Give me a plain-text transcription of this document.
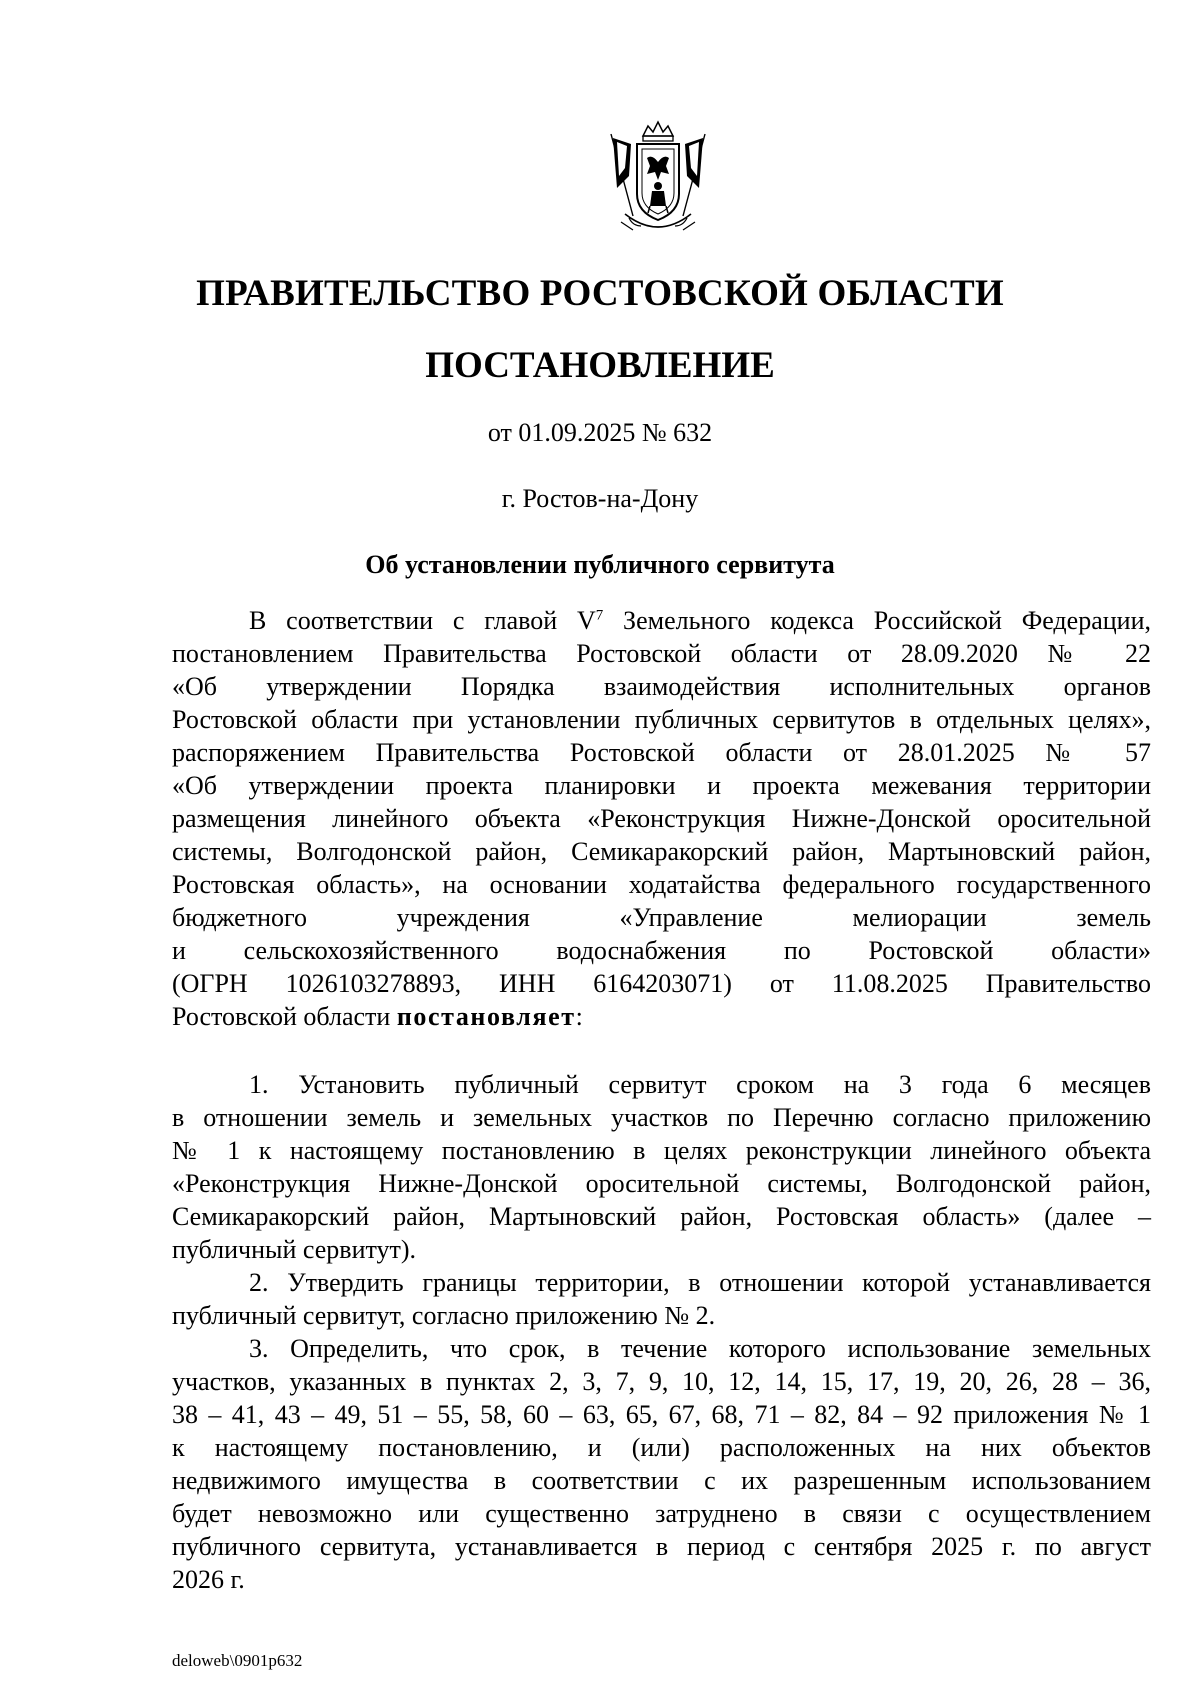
ПРАВИТЕЛЬСТВО РОСТОВСКОЙ ОБЛАСТИ
ПОСТАНОВЛЕНИЕ
от 01.09.2025 № 632
г. Ростов-на-Дону
Об установлении публичного сервитута
В соответствии с главой $V^7$ Земельного кодекса Российской Федерации,
постановлением Правительства Ростовской области от 28.09.2020 № 22
«Об утверждении Порядка взаимодействия исполнительных органов
Ростовской области при установлении публичных сервитутов в отдельных целях»,
распоряжением Правительства Ростовской области от 28.01.2025 № 57
«Об утверждении проекта планировки и проекта межевания территории
размещения линейного объекта «Реконструкция Нижне-Донской оросительной
системы, Волгодонской район, Семикаракорский район, Мартыновский район,
Ростовская область», на основании ходатайства федерального государственного
бюджетного учреждения «Управление мелиорации земель
и сельскохозяйственного водоснабжения по Ростовской области»
(ОГРН 1026103278893, ИНН 6164203071) от 11.08.2025 Правительство
Ростовской области постановляет:
1. Установить публичный сервитут сроком на 3 года 6 месяцев
в отношении земель и земельных участков по Перечню согласно приложению
№ 1 к настоящему постановлению в целях реконструкции линейного объекта
«Реконструкция Нижне-Донской оросительной системы, Волгодонской район,
Семикаракорский район, Мартыновский район, Ростовская область» (далее –
публичный сервитут).
2. Утвердить границы территории, в отношении которой устанавливается
публичный сервитут, согласно приложению № 2.
3. Определить, что срок, в течение которого использование земельных
участков, указанных в пунктах 2, 3, 7, 9, 10, 12, 14, 15, 17, 19, 20, 26, 28 – 36,
38 – 41, 43 – 49, 51 – 55, 58, 60 – 63, 65, 67, 68, 71 – 82, 84 – 92 приложения № 1
к настоящему постановлению, и (или) расположенных на них объектов
недвижимого имущества в соответствии с их разрешенным использованием
будет невозможно или существенно затруднено в связи с осуществлением
публичного сервитута, устанавливается в период с сентября 2025 г. по август
2026 г.
deloweb\0901p632
